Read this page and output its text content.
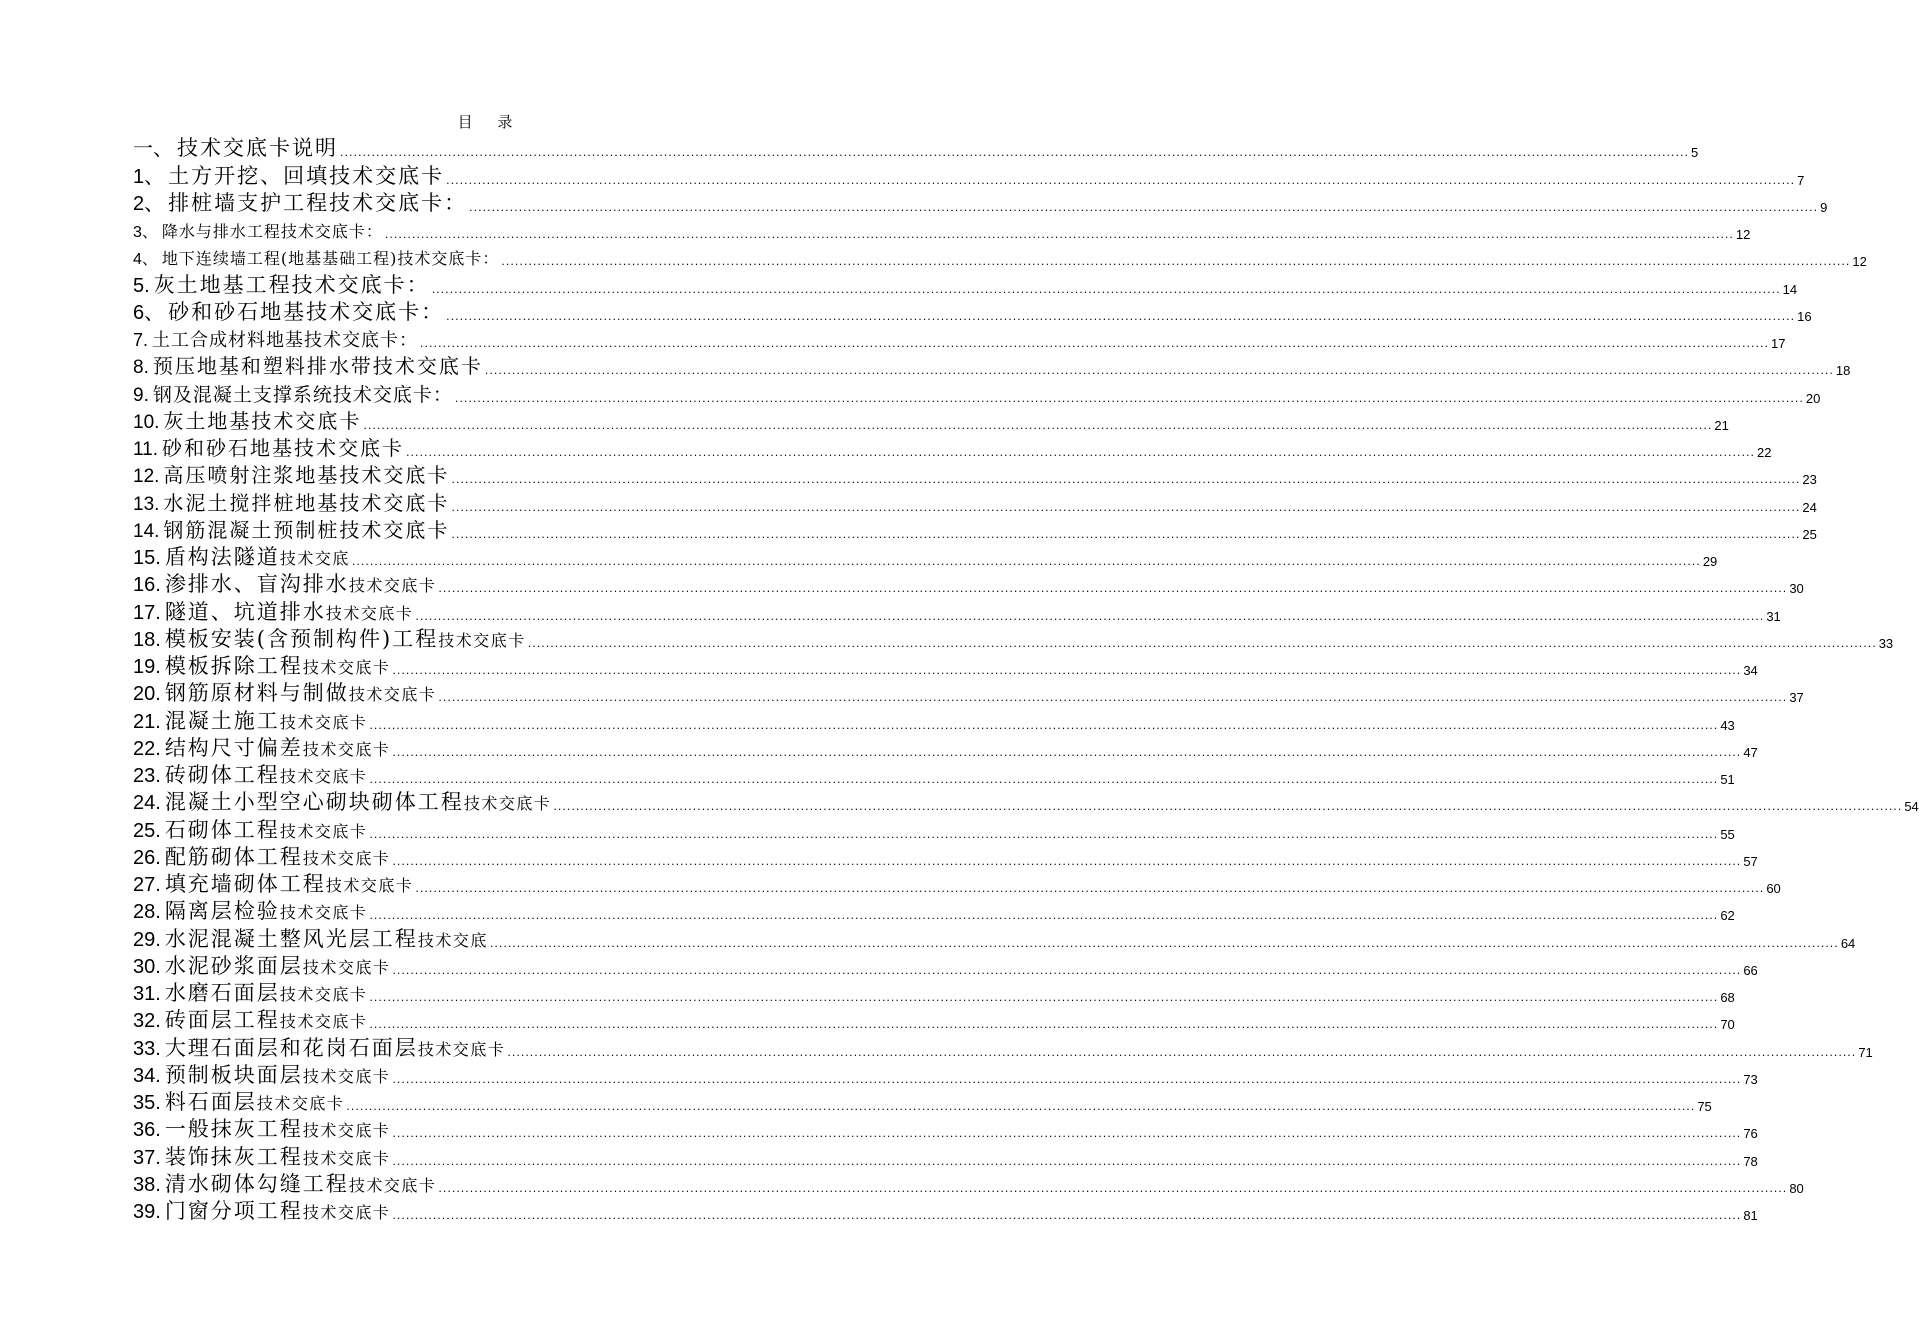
目 录
一、 技术交底卡说明 ............................................................................................................................................................................................................................................................................................................ 5
1、 土方开挖、回填技术交底卡 ............................................................................................................................................................................................................................................................................................................ 7
2、 排桩墙支护工程技术交底卡： ............................................................................................................................................................................................................................................................................................................ 9
3、 降水与排水工程技术交底卡： ............................................................................................................................................................................................................................................................................................................ 12
4、 地下连续墙工程(地基基础工程)技术交底卡： ............................................................................................................................................................................................................................................................................................................ 12
5. 灰土地基工程技术交底卡： ............................................................................................................................................................................................................................................................................................................ 14
6、 砂和砂石地基技术交底卡： ............................................................................................................................................................................................................................................................................................................ 16
7. 土工合成材料地基技术交底卡： ............................................................................................................................................................................................................................................................................................................ 17
8. 预压地基和塑料排水带技术交底卡 ............................................................................................................................................................................................................................................................................................................ 18
9. 钢及混凝土支撑系统技术交底卡： ............................................................................................................................................................................................................................................................................................................ 20
10. 灰土地基技术交底卡 ............................................................................................................................................................................................................................................................................................................ 21
11. 砂和砂石地基技术交底卡 ............................................................................................................................................................................................................................................................................................................ 22
12. 高压喷射注浆地基技术交底卡 ............................................................................................................................................................................................................................................................................................................ 23
13. 水泥土搅拌桩地基技术交底卡 ............................................................................................................................................................................................................................................................................................................ 24
14. 钢筋混凝土预制桩技术交底卡 ............................................................................................................................................................................................................................................................................................................ 25
15. 盾构法隧道技术交底 ............................................................................................................................................................................................................................................................................................................ 29
16. 渗排水、盲沟排水技术交底卡 ............................................................................................................................................................................................................................................................................................................ 30
17. 隧道、坑道排水技术交底卡 ............................................................................................................................................................................................................................................................................................................ 31
18. 模板安装(含预制构件)工程技术交底卡 ............................................................................................................................................................................................................................................................................................................ 33
19. 模板拆除工程技术交底卡 ............................................................................................................................................................................................................................................................................................................ 34
20. 钢筋原材料与制做技术交底卡 ............................................................................................................................................................................................................................................................................................................ 37
21. 混凝土施工技术交底卡 ............................................................................................................................................................................................................................................................................................................ 43
22. 结构尺寸偏差技术交底卡 ............................................................................................................................................................................................................................................................................................................ 47
23. 砖砌体工程技术交底卡 ............................................................................................................................................................................................................................................................................................................ 51
24. 混凝土小型空心砌块砌体工程技术交底卡 ............................................................................................................................................................................................................................................................................................................ 54
25. 石砌体工程技术交底卡 ............................................................................................................................................................................................................................................................................................................ 55
26. 配筋砌体工程技术交底卡 ............................................................................................................................................................................................................................................................................................................ 57
27. 填充墙砌体工程技术交底卡 ............................................................................................................................................................................................................................................................................................................ 60
28. 隔离层检验技术交底卡 ............................................................................................................................................................................................................................................................................................................ 62
29. 水泥混凝土整风光层工程技术交底 ............................................................................................................................................................................................................................................................................................................ 64
30. 水泥砂浆面层技术交底卡 ............................................................................................................................................................................................................................................................................................................ 66
31. 水磨石面层技术交底卡 ............................................................................................................................................................................................................................................................................................................ 68
32. 砖面层工程技术交底卡 ............................................................................................................................................................................................................................................................................................................ 70
33. 大理石面层和花岗石面层技术交底卡 ............................................................................................................................................................................................................................................................................................................ 71
34. 预制板块面层技术交底卡 ............................................................................................................................................................................................................................................................................................................ 73
35. 料石面层技术交底卡 ............................................................................................................................................................................................................................................................................................................ 75
36. 一般抹灰工程技术交底卡 ............................................................................................................................................................................................................................................................................................................ 76
37. 装饰抹灰工程技术交底卡 ............................................................................................................................................................................................................................................................................................................ 78
38. 清水砌体勾缝工程技术交底卡 ............................................................................................................................................................................................................................................................................................................ 80
39. 门窗分项工程技术交底卡 ............................................................................................................................................................................................................................................................................................................ 81
